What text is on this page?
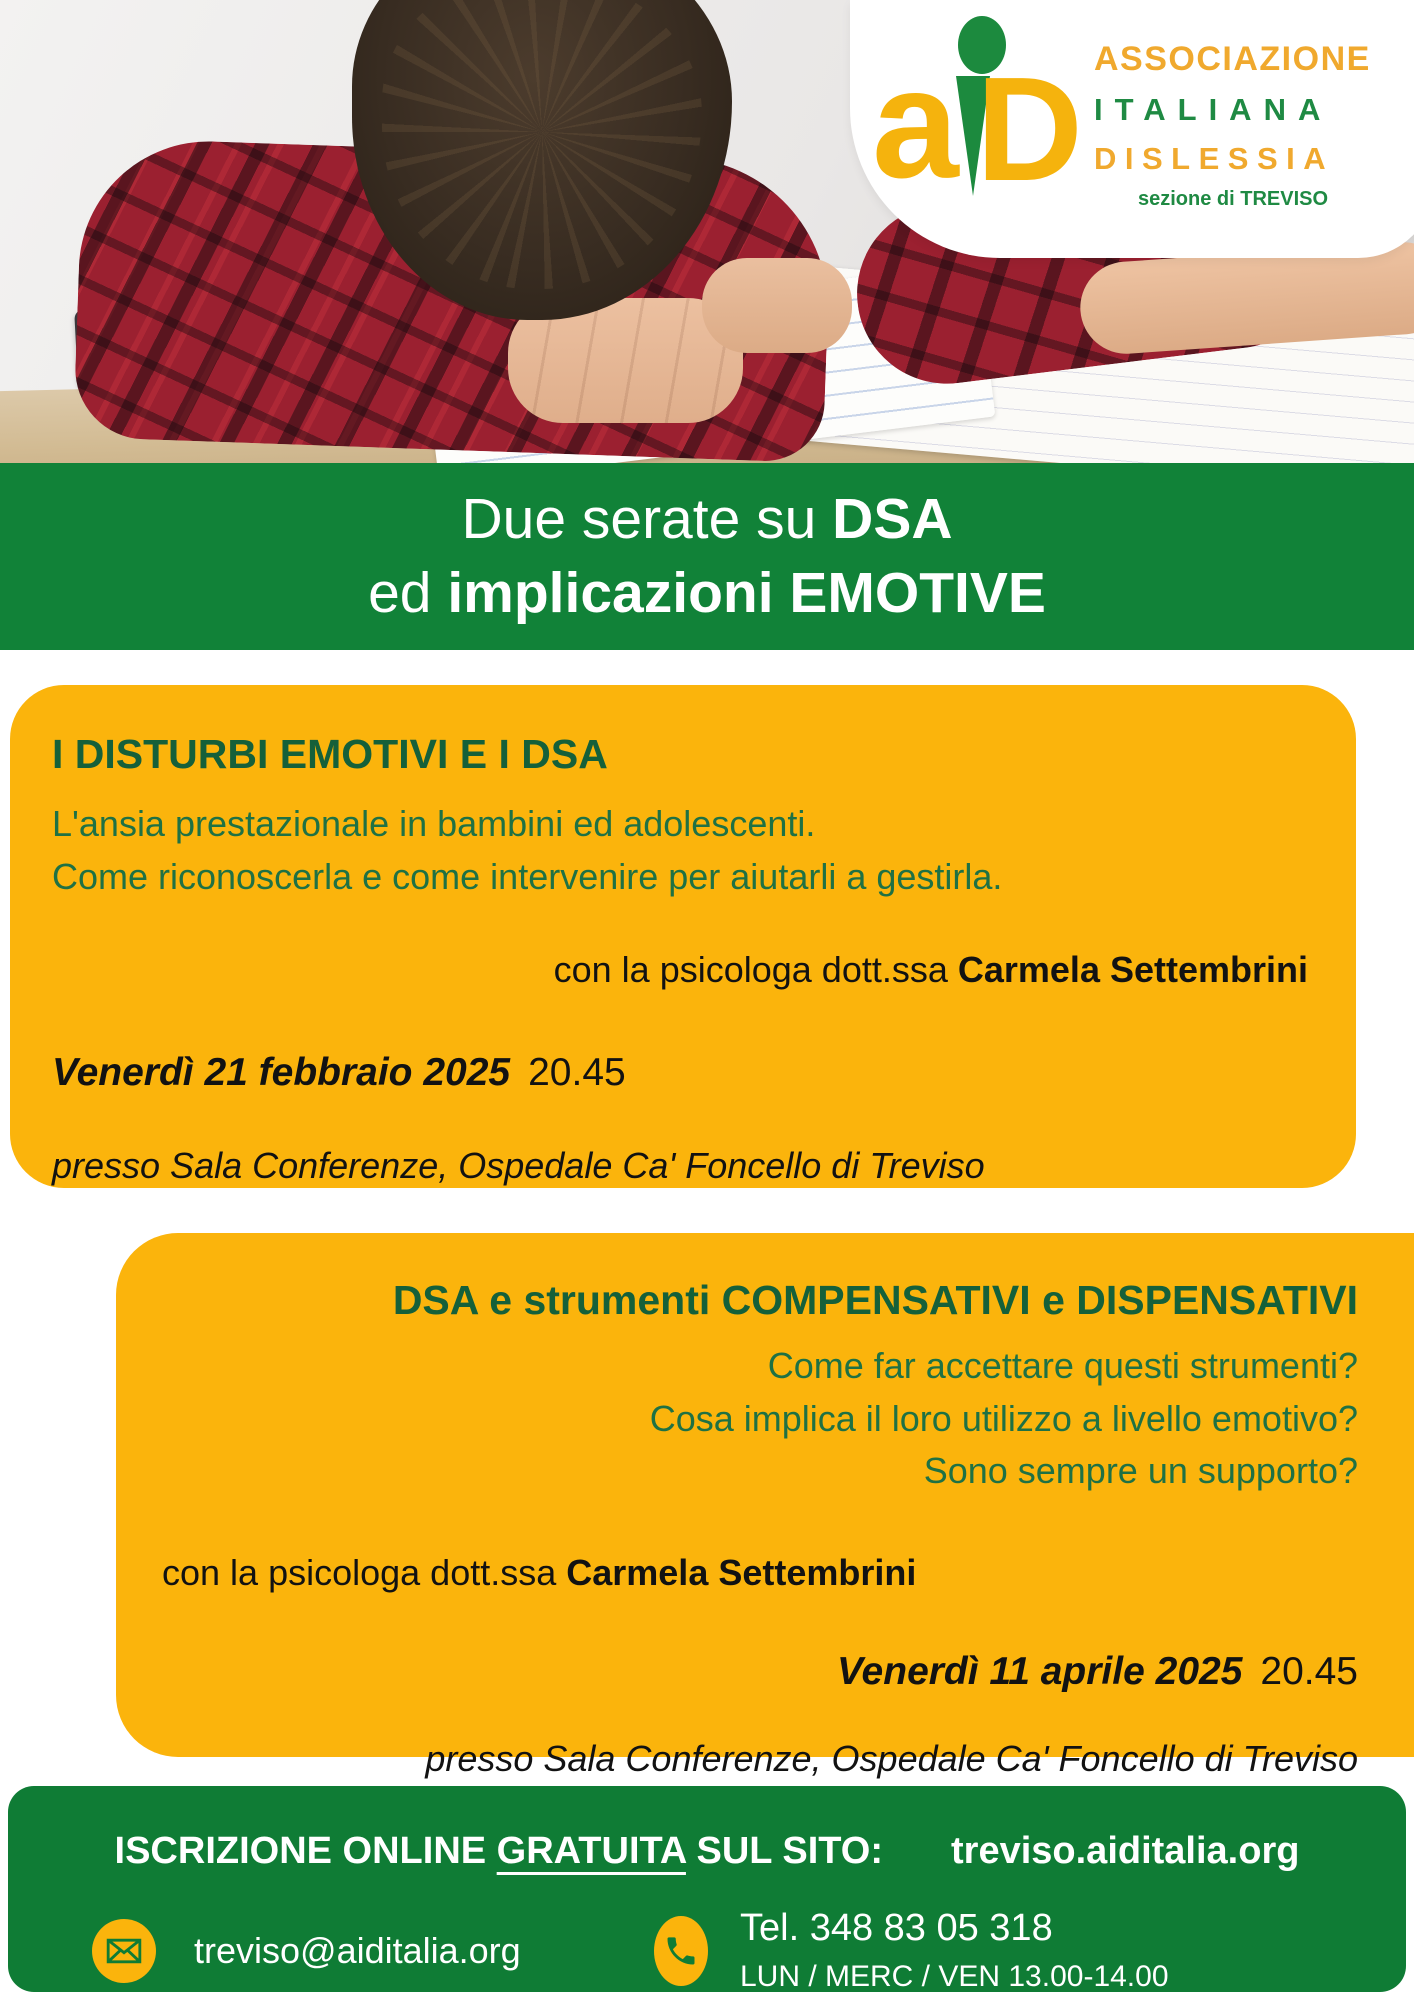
a D ASSOCIAZIONE
ITALIANA
DISLESSIA
sezione di TREVISO
Due serate su DSA
ed implicazioni EMOTIVE
I DISTURBI EMOTIVI E I DSA

L'ansia prestazionale in bambini ed adolescenti.
Come riconoscerla e come intervenire per aiutarli a gestirla.

con la psicologa dott.ssa Carmela Settembrini
Venerdì 21 febbraio 2025 20.45
presso Sala Conferenze, Ospedale Ca' Foncello di Treviso
DSA e strumenti COMPENSATIVI e DISPENSATIVI

Come far accettare questi strumenti?
Cosa implica il loro utilizzo a livello emotivo?
Sono sempre un supporto?

con la psicologa dott.ssa Carmela Settembrini
Venerdì 11 aprile 2025 20.45
presso Sala Conferenze, Ospedale Ca' Foncello di Treviso
ISCRIZIONE ONLINE GRATUITA SUL SITO: treviso.aiditalia.org
treviso@aiditalia.org
Tel. 348 83 05 318
LUN / MERC / VEN 13.00-14.00
